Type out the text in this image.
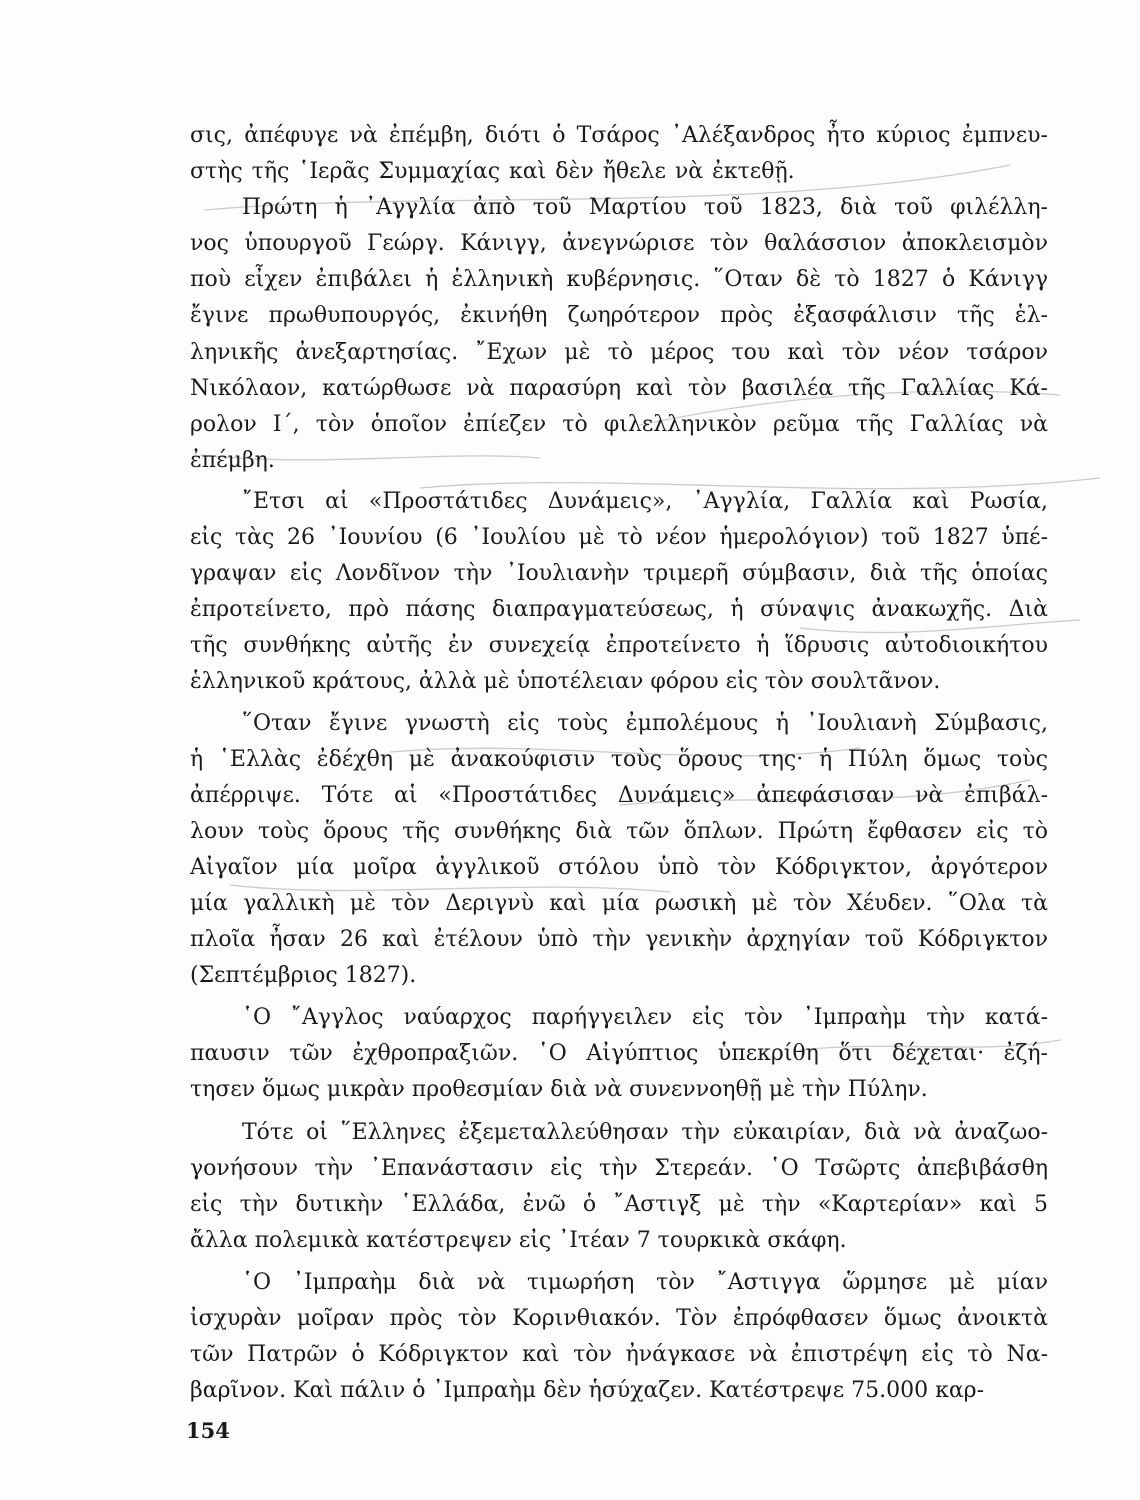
σις, ἀπέφυγε νὰ ἐπέμβη, διότι ὁ Τσάρος ᾿Αλέξανδρος ἦτο κύριος ἐμπνευ-
στὴς τῆς ῾Ιερᾶς Συμμαχίας καὶ δὲν ἤθελε νὰ ἐκτεθῇ.

Πρώτη ἡ ᾿Αγγλία ἀπὸ τοῦ Μαρτίου τοῦ 1823, διὰ τοῦ φιλέλλη-
νος ὑπουργοῦ Γεώργ. Κάνιγγ, ἀνεγνώρισε τὸν θαλάσσιον ἀποκλεισμὸν
ποὺ εἶχεν ἐπιβάλει ἡ ἑλληνικὴ κυβέρνησις. ῞Οταν δὲ τὸ 1827 ὁ Κάνιγγ
ἔγινε πρωθυπουργός, ἐκινήθη ζωηρότερον πρὸς ἐξασφάλισιν τῆς ἑλ-
ληνικῆς ἀνεξαρτησίας. ῎Εχων μὲ τὸ μέρος του καὶ τὸν νέον τσάρον
Νικόλαον, κατώρθωσε νὰ παρασύρη καὶ τὸν βασιλέα τῆς Γαλλίας Κά-
ρολον Ι΄, τὸν ὁποῖον ἐπίεζεν τὸ φιλελληνικὸν ρεῦμα τῆς Γαλλίας νὰ
ἐπέμβη.

῎Ετσι αἱ «Προστάτιδες Δυνάμεις», ᾿Αγγλία, Γαλλία καὶ Ρωσία,
εἰς τὰς 26 ᾿Ιουνίου (6 ᾿Ιουλίου μὲ τὸ νέον ἡμερολόγιον) τοῦ 1827 ὑπέ-
γραψαν εἰς Λονδῖνον τὴν ᾿Ιουλιανὴν τριμερῆ σύμβασιν, διὰ τῆς ὁποίας
ἐπροτείνετο, πρὸ πάσης διαπραγματεύσεως, ἡ σύναψις ἀνακωχῆς. Διὰ
τῆς συνθήκης αὐτῆς ἐν συνεχείᾳ ἐπροτείνετο ἡ ἵδρυσις αὐτοδιοικήτου
ἑλληνικοῦ κράτους, ἀλλὰ μὲ ὑποτέλειαν φόρου εἰς τὸν σουλτᾶνον.

῞Οταν ἔγινε γνωστὴ εἰς τοὺς ἐμπολέμους ἡ ᾿Ιουλιανὴ Σύμβασις,
ἡ ῾Ελλὰς ἐδέχθη μὲ ἀνακούφισιν τοὺς ὅρους της· ἡ Πύλη ὅμως τοὺς
ἀπέρριψε. Τότε αἱ «Προστάτιδες Δυνάμεις» ἀπεφάσισαν νὰ ἐπιβάλ-
λουν τοὺς ὅρους τῆς συνθήκης διὰ τῶν ὅπλων. Πρώτη ἔφθασεν εἰς τὸ
Αἰγαῖον μία μοῖρα ἀγγλικοῦ στόλου ὑπὸ τὸν Κόδριγκτον, ἀργότερον
μία γαλλικὴ μὲ τὸν Δεριγνὺ καὶ μία ρωσικὴ μὲ τὸν Χέυδεν. ῞Ολα τὰ
πλοῖα ἦσαν 26 καὶ ἐτέλουν ὑπὸ τὴν γενικὴν ἀρχηγίαν τοῦ Κόδριγκτον
(Σεπτέμβριος 1827).

῾Ο ῎Αγγλος ναύαρχος παρήγγειλεν εἰς τὸν ᾿Ιμπραὴμ τὴν κατά-
παυσιν τῶν ἐχθροπραξιῶν. ῾Ο Αἰγύπτιος ὑπεκρίθη ὅτι δέχεται· ἐζή-
τησεν ὅμως μικρὰν προθεσμίαν διὰ νὰ συνεννοηθῇ μὲ τὴν Πύλην.

Τότε οἱ ῞Ελληνες ἐξεμεταλλεύθησαν τὴν εὐκαιρίαν, διὰ νὰ ἀναζωο-
γονήσουν τὴν ᾿Επανάστασιν εἰς τὴν Στερεάν. ῾Ο Τσῶρτς ἀπεβιβάσθη
εἰς τὴν δυτικὴν ῾Ελλάδα, ἐνῶ ὁ ῎Αστιγξ μὲ τὴν «Καρτερίαν» καὶ 5
ἄλλα πολεμικὰ κατέστρεψεν εἰς ᾿Ιτέαν 7 τουρκικὰ σκάφη.

῾Ο ᾿Ιμπραὴμ διὰ νὰ τιμωρήση τὸν ῎Αστιγγα ὥρμησε μὲ μίαν
ἰσχυρὰν μοῖραν πρὸς τὸν Κορινθιακόν. Τὸν ἐπρόφθασεν ὅμως ἀνοικτὰ
τῶν Πατρῶν ὁ Κόδριγκτον καὶ τὸν ἠνάγκασε νὰ ἐπιστρέψη εἰς τὸ Να-
βαρῖνον. Καὶ πάλιν ὁ ᾿Ιμπραὴμ δὲν ἡσύχαζεν. Κατέστρεψε 75.000 καρ-

154
